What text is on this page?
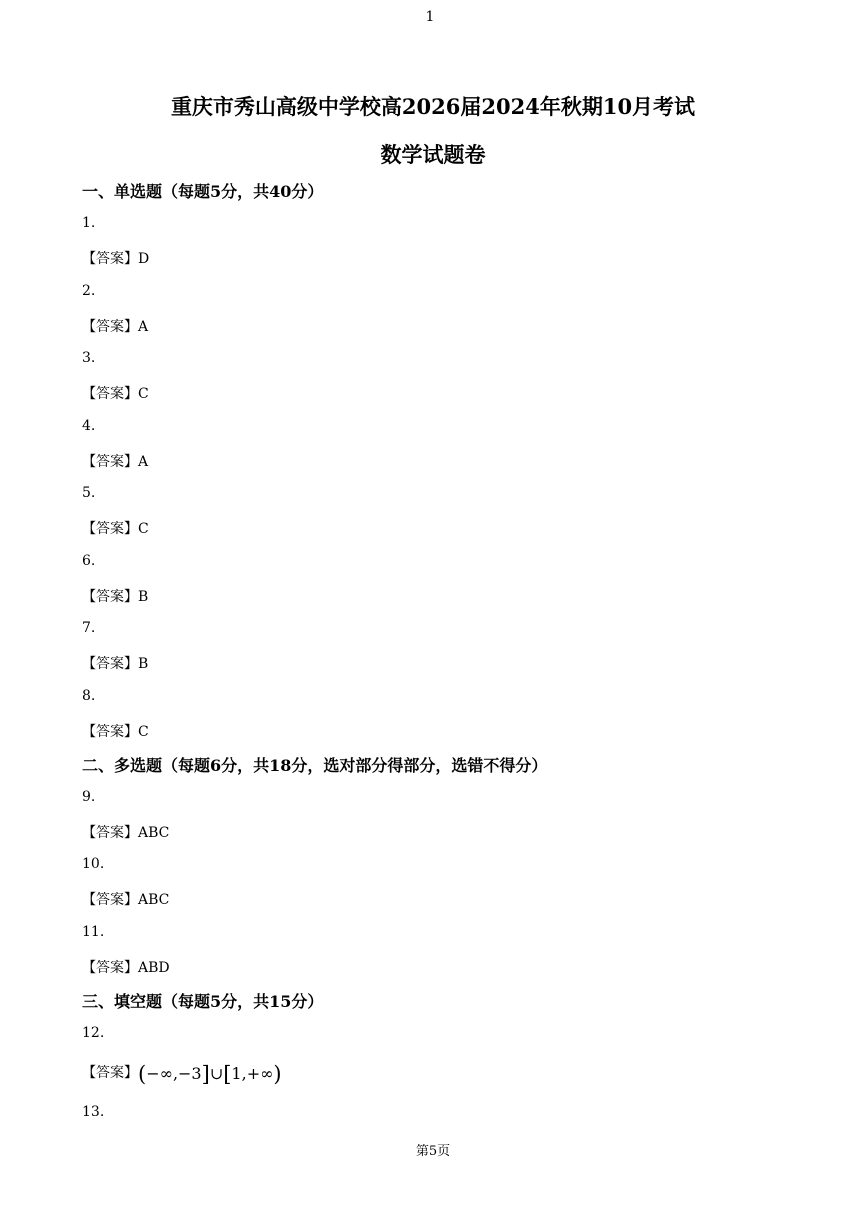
1
重庆市秀山高级中学校高2026届2024年秋期10月考试
数学试题卷
一、单选题（每题5分，共40分）
1.
【答案】D
2.
【答案】A
3.
【答案】C
4.
【答案】A
5.
【答案】C
6.
【答案】B
7.
【答案】B
8.
【答案】C
二、多选题（每题6分，共18分，选对部分得部分，选错不得分）
9.
【答案】ABC
10.
【答案】ABC
11.
【答案】ABD
三、填空题（每题5分，共15分）
12.
【答案】(−∞,−3]∪[1,+∞)
13.
第5页
